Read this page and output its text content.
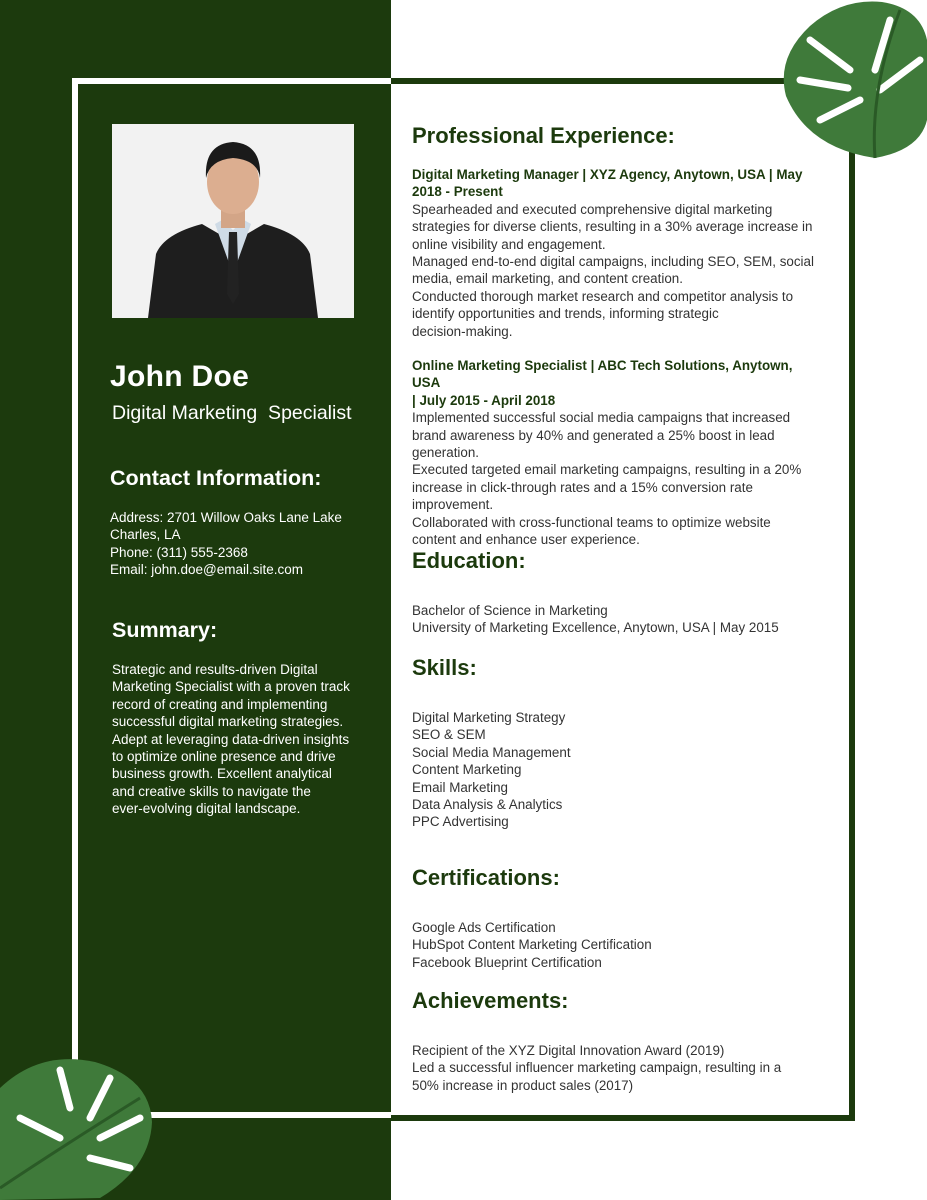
John Doe
Digital Marketing  Specialist
Contact Information:
Address: 2701 Willow Oaks Lane Lake
Charles, LA
Phone: (311) 555-2368
Email: john.doe@email.site.com
Summary:
Strategic and results-driven Digital
Marketing Specialist with a proven track
record of creating and implementing
successful digital marketing strategies.
Adept at leveraging data-driven insights
to optimize online presence and drive
business growth. Excellent analytical
and creative skills to navigate the
ever-evolving digital landscape.
Professional Experience:
Digital Marketing Manager | XYZ Agency, Anytown, USA | May
2018 - Present
Spearheaded and executed comprehensive digital marketing
strategies for diverse clients, resulting in a 30% average increase in
online visibility and engagement.
Managed end-to-end digital campaigns, including SEO, SEM, social
media, email marketing, and content creation.
Conducted thorough market research and competitor analysis to
identify opportunities and trends, informing strategic
decision-making.
Online Marketing Specialist | ABC Tech Solutions, Anytown, USA
| July 2015 - April 2018
Implemented successful social media campaigns that increased
brand awareness by 40% and generated a 25% boost in lead
generation.
Executed targeted email marketing campaigns, resulting in a 20%
increase in click-through rates and a 15% conversion rate
improvement.
Collaborated with cross-functional teams to optimize website
content and enhance user experience.
Education:
Bachelor of Science in Marketing
University of Marketing Excellence, Anytown, USA | May 2015
Skills:
Digital Marketing Strategy
SEO & SEM
Social Media Management
Content Marketing
Email Marketing
Data Analysis & Analytics
PPC Advertising
Certifications:
Google Ads Certification
HubSpot Content Marketing Certification
Facebook Blueprint Certification
Achievements:
Recipient of the XYZ Digital Innovation Award (2019)
Led a successful influencer marketing campaign, resulting in a
50% increase in product sales (2017)
